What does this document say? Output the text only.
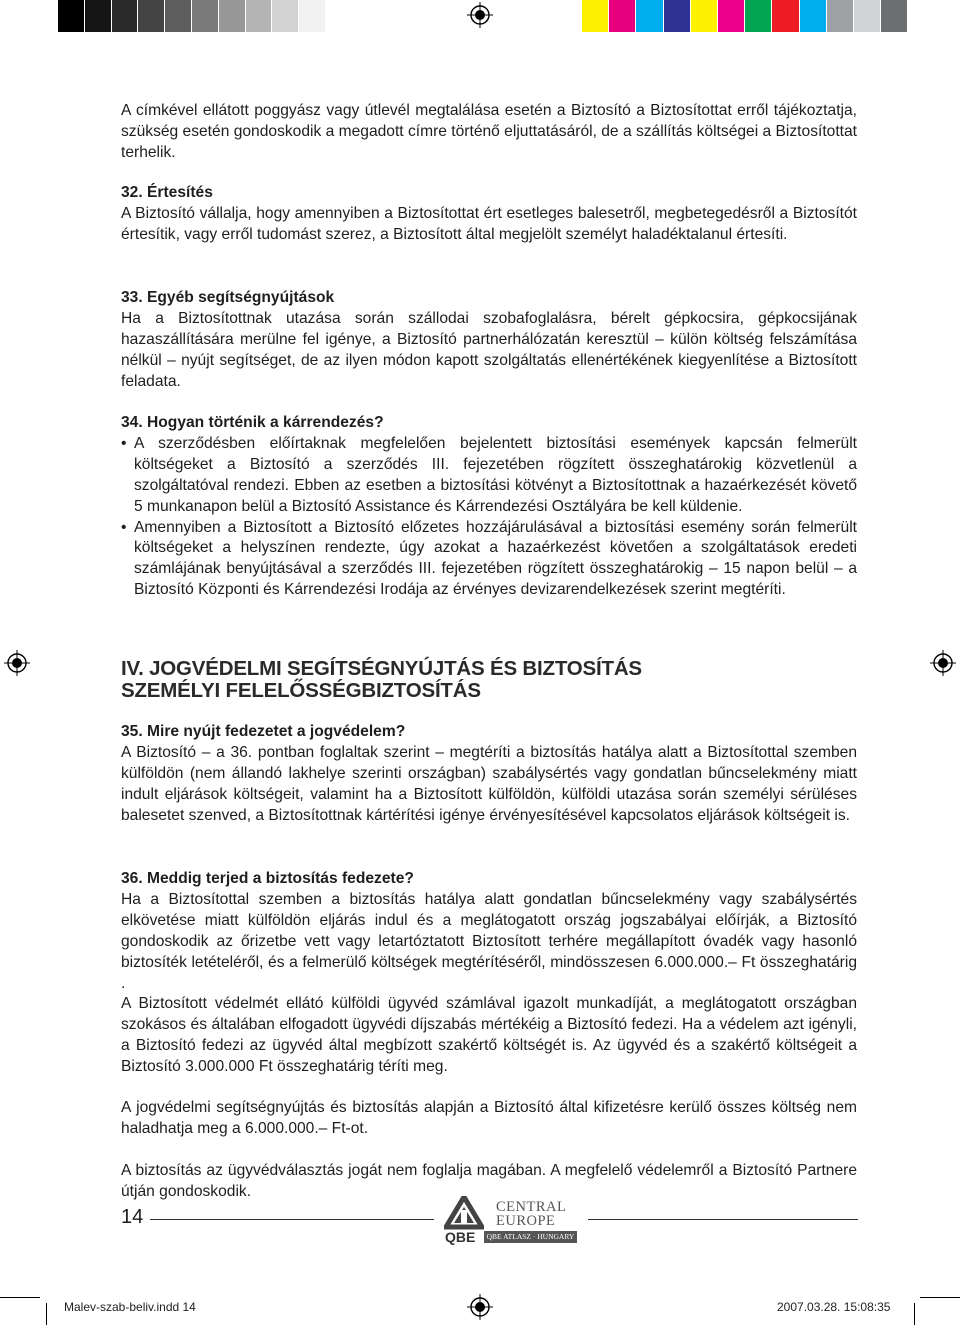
A címkével ellátott poggyász vagy útlevél megtalálása esetén a Biztosító a Biztosítottat erről tájékoztatja, szükség esetén gondoskodik a megadott címre történő eljuttatásáról, de a szállítás költségei a Biztosítottat terhelik.

32. Értesítés

A Biztosító vállalja, hogy amennyiben a Biztosítottat ért esetleges balesetről, megbetegedésről a Biztosítót értesítik, vagy erről tudomást szerez, a Biztosított által megjelölt személyt haladéktalanul értesíti.

33. Egyéb segítségnyújtások

Ha a Biztosítottnak utazása során szállodai szobafoglalásra, bérelt gépkocsira, gépkocsijának hazaszállítására merülne fel igénye, a Biztosító partnerhálózatán keresztül – külön költség felszámítása nélkül – nyújt segítséget, de az ilyen módon kapott szolgáltatás ellenértékének kiegyenlítése a Biztosított feladata.

34. Hogyan történik a kárrendezés?

• A szerződésben előírtaknak megfelelően bejelentett biztosítási események kapcsán felmerült költségeket a Biztosító a szerződés III. fejezetében rögzített összeghatárokig közvetlenül a szolgáltatóval rendezi. Ebben az esetben a biztosítási kötvényt a Biztosítottnak a hazaérkezését követő 5 munkanapon belül a Biztosító Assistance és Kárrendezési Osztályára be kell küldenie.

• Amennyiben a Biztosított a Biztosító előzetes hozzájárulásával a biztosítási esemény során felmerült költségeket a helyszínen rendezte, úgy azokat a hazaérkezést követően a szolgáltatások eredeti számlájának benyújtásával a szerződés III. fejezetében rögzített összeghatárokig – 15 napon belül – a Biztosító Központi és Kárrendezési Irodája az érvényes devizarendelkezések szerint megtéríti.

IV. JOGVÉDELMI SEGÍTSÉGNYÚJTÁS ÉS BIZTOSÍTÁS
SZEMÉLYI FELELŐSSÉGBIZTOSÍTÁS

35. Mire nyújt fedezetet a jogvédelem?

A Biztosító – a 36. pontban foglaltak szerint – megtéríti a biztosítás hatálya alatt a Biztosítottal szemben külföldön (nem állandó lakhelye szerinti országban) szabálysértés vagy gondatlan bűncselekmény miatt indult eljárások költségeit, valamint ha a Biztosított külföldön, külföldi utazása során személyi sérüléses balesetet szenved, a Biztosítottnak kártérítési igénye érvényesítésével kapcsolatos eljárások költségeit is.

36. Meddig terjed a biztosítás fedezete?

Ha a Biztosítottal szemben a biztosítás hatálya alatt gondatlan bűncselekmény vagy szabálysértés elkövetése miatt külföldön eljárás indul és a meglátogatott ország jogszabályai előírják, a Biztosító gondoskodik az őrizetbe vett vagy letartóztatott Biztosított terhére megállapított óvadék vagy hasonló biztosíték letételéről, és a felmerülő költségek megtérítéséről, mindösszesen 6.000.000.– Ft összeghatárig .

A Biztosított védelmét ellátó külföldi ügyvéd számlával igazolt munkadíját, a meglátogatott országban szokásos és általában elfogadott ügyvédi díjszabás mértékéig a Biztosító fedezi. Ha a védelem azt igényli, a Biztosító fedezi az ügyvéd által megbízott szakértő költségét is. Az ügyvéd és a szakértő költségeit a Biztosító 3.000.000 Ft összeghatárig téríti meg.

A jogvédelmi segítségnyújtás és biztosítás alapján a Biztosító által kifizetésre kerülő összes költség nem haladhatja meg a 6.000.000.– Ft-ot.

A biztosítás az ügyvédválasztás jogát nem foglalja magában. A megfelelő védelemről a Biztosító Partnere útján gondoskodik.

14
QBE
CENTRAL
EUROPE
QBE ATLASZ · HUNGARY
Malev-szab-beliv.indd 14	2007.03.28. 15:08:35
